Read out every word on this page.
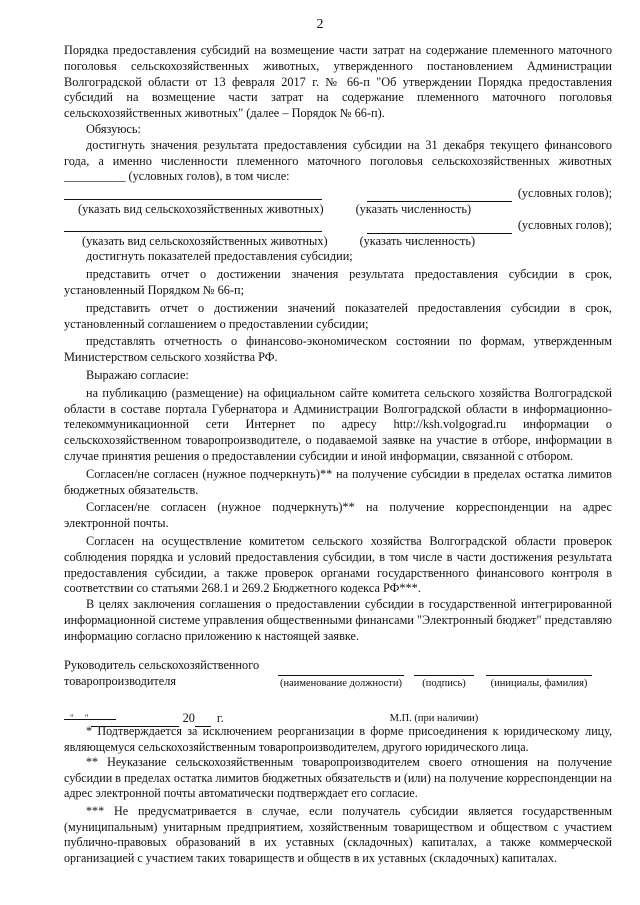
2

Порядка предоставления субсидий на возмещение части затрат на содержание племенного маточного поголовья сельскохозяйственных животных, утвержденного постановлением Администрации Волгоградской области от 13 февраля 2017 г. № 66-п "Об утверждении Порядка предоставления субсидий на возмещение части затрат на содержание племенного маточного поголовья сельскохозяйственных животных" (далее – Порядок № 66-п).

Обязуюсь:

достигнуть значения результата предоставления субсидии на 31 декабря текущего финансового года, а именно численности племенного маточного поголовья сельскохозяйственных животных __________ (условных голов), в том числе:

(условных голов);
(указать вид сельскохозяйственных животных)	(указать численность)
(условных голов);
(указать вид сельскохозяйственных животных)	(указать численность)

достигнуть показателей предоставления субсидии;

представить отчет о достижении значения результата предоставления субсидии в срок, установленный Порядком № 66-п;

представить отчет о достижении значений показателей предоставления субсидии в срок, установленный соглашением о предоставлении субсидии;

представлять отчетность о финансово-экономическом состоянии по формам, утвержденным Министерством сельского хозяйства РФ.

Выражаю согласие:

на публикацию (размещение) на официальном сайте комитета сельского хозяйства Волгоградской области в составе портала Губернатора и Администрации Волгоградской области в информационно-телекоммуникационной сети Интернет по адресу http://ksh.volgograd.ru информации о сельскохозяйственном товаропроизводителе, о подаваемой заявке на участие в отборе, информации в случае принятия решения о предоставлении субсидии и иной информации, связанной с отбором.

Согласен/не согласен (нужное подчеркнуть)** на получение субсидии в пределах остатка лимитов бюджетных обязательств.

Согласен/не согласен (нужное подчеркнуть)** на получение корреспонденции на адрес электронной почты.

Согласен на осуществление комитетом сельского хозяйства Волгоградской области проверок соблюдения порядка и условий предоставления субсидии, в том числе в части достижения результата предоставления субсидии, а также проверок органами государственного финансового контроля в соответствии со статьями 268.1 и 269.2 Бюджетного кодекса РФ***.

В целях заключения соглашения о предоставлении субсидии в государственной интегрированной информационной системе управления общественными финансами "Электронный бюджет" представляю информацию согласно приложению к настоящей заявке.

Руководитель сельскохозяйственного товаропроизводителя	(наименование должности)	(подпись)	(инициалы, фамилия)
"     "	20 г.	М.П. (при наличии)

* Подтверждается за исключением реорганизации в форме присоединения к юридическому лицу, являющемуся сельскохозяйственным товаропроизводителем, другого юридического лица.

** Неуказание сельскохозяйственным товаропроизводителем своего отношения на получение субсидии в пределах остатка лимитов бюджетных обязательств и (или) на получение корреспонденции на адрес электронной почты автоматически подтверждает его согласие.

*** Не предусматривается в случае, если получатель субсидии является государственным (муниципальным) унитарным предприятием, хозяйственным товариществом и обществом с участием публично-правовых образований в их уставных (складочных) капиталах, а также коммерческой организацией с участием таких товариществ и обществ в их уставных (складочных) капиталах.
